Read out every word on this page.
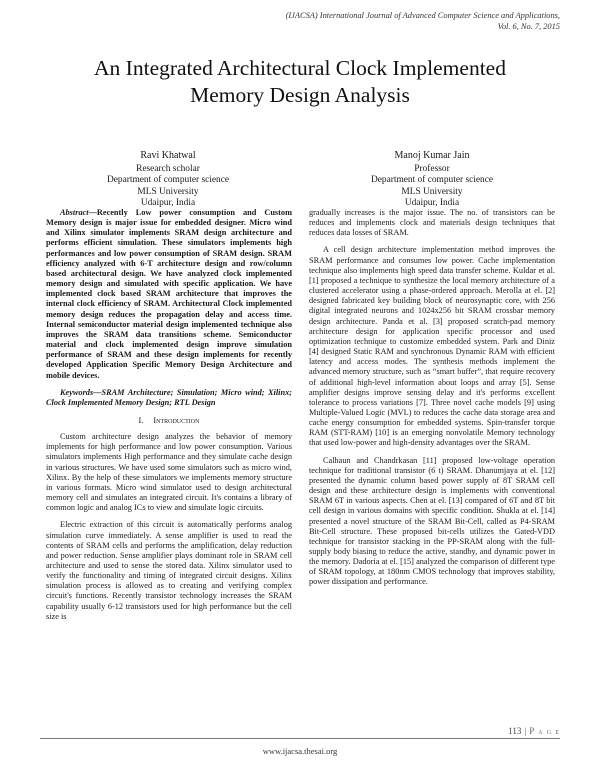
(IJACSA) International Journal of Advanced Computer Science and Applications,
Vol. 6, No. 7, 2015
An Integrated Architectural Clock Implemented
Memory Design Analysis
Ravi Khatwal
Research scholar
Department of computer science
MLS University
Udaipur, India
Manoj Kumar Jain
Professor
Department of computer science
MLS University
Udaipur, India

Abstract—Recently Low power consumption and Custom Memory design is major issue for embedded designer. Micro wind and Xilinx simulator implements SRAM design architecture and performs efficient simulation. These simulators implements high performances and low power consumption of SRAM design. SRAM efficiency analyzed with 6-T architecture design and row/column based architectural design. We have analyzed clock implemented memory design and simulated with specific application. We have implemented clock based SRAM architecture that improves the internal clock efficiency of SRAM. Architectural Clock implemented memory design reduces the propagation delay and access time. Internal semiconductor material design implemented technique also improves the SRAM data transitions scheme. Semiconductor material and clock implemented design improve simulation performance of SRAM and these design implements for recently developed Application Specific Memory Design Architecture and mobile devices.

Keywords—SRAM Architecture; Simulation; Micro wind; Xilinx; Clock Implemented Memory Design; RTL Design

I. Introduction

Custom architecture design analyzes the behavior of memory implements for high performance and low power consumption. Various simulators implements High performance and they simulate cache design in various structures. We have used some simulators such as micro wind, Xilinx. By the help of these simulators we implements memory structure in various formats. Micro wind simulator used to design architectural memory cell and simulates an integrated circuit. It's contains a library of common logic and analog ICs to view and simulate logic circuits.

Electric extraction of this circuit is automatically performs analog simulation curve immediately. A sense amplifier is used to read the contents of SRAM cells and performs the amplification, delay reduction and power reduction. Sense amplifier plays dominant role in SRAM cell architecture and used to sense the stored data. Xilinx simulator used to verify the functionality and timing of integrated circuit designs. Xilinx simulation process is allowed as to creating and verifying complex circuit's functions. Recently transistor technology increases the SRAM capability usually 6-12 transistors used for high performance but the cell size is

gradually increases is the major issue. The no. of transistors can be reduces and implements clock and materials design techniques that reduces data losses of SRAM.

A cell design architecture implementation method improves the SRAM performance and consumes low power. Cache implementation technique also implements high speed data transfer scheme. Kuldar et al. [1] proposed a technique to synthesize the local memory architecture of a clustered accelerator using a phase-ordered approach. Merolla at el. [2] designed fabricated key building block of neurosynaptic core, with 256 digital integrated neurons and 1024x256 bit SRAM crossbar memory design architecture. Panda et al. [3] proposed scratch-pad memory architecture design for application specific processor and used optimization technique to customize embedded system. Park and Diniz [4] designed Static RAM and synchronous Dynamic RAM with efficient latency and access modes. The synthesis methods implement the advanced memory structure, such as “smart buffer”, that require recovery of additional high-level information about loops and array [5]. Sense amplifier designs improve sensing delay and it's performs excellent tolerance to process variations [7]. Three novel cache models [9] using Multiple-Valued Logic (MVL) to reduces the cache data storage area and cache energy consumption for embedded systems. Spin-transfer torque RAM (STT-RAM) [10] is an emerging nonvolatile Memory technology that used low-power and high-density advantages over the SRAM.

Calhaun and Chandrkasan [11] proposed low-voltage operation technique for traditional transistor (6 t) SRAM. Dhanumjaya at el. [12] presented the dynamic column based power supply of 8T SRAM cell design and these architecture design is implements with conventional SRAM 6T in various aspects. Chen at el. [13] compared of 6T and 8T bit cell design in various domains with specific condition. Shukla at el. [14] presented a novel structure of the SRAM Bit-Cell, called as P4-SRAM Bit-Cell structure. These proposed bit-cells utilizes the Gated-VDD technique for transistor stacking in the PP-SRAM along with the full-supply body biasing to reduce the active, standby, and dynamic power in the memory. Dadoria at el. [15] analyzed the comparison of different type of SRAM topology, at 180nm CMOS technology that improves stability, power dissipation and performance.

113 | P a g e
www.ijacsa.thesai.org
